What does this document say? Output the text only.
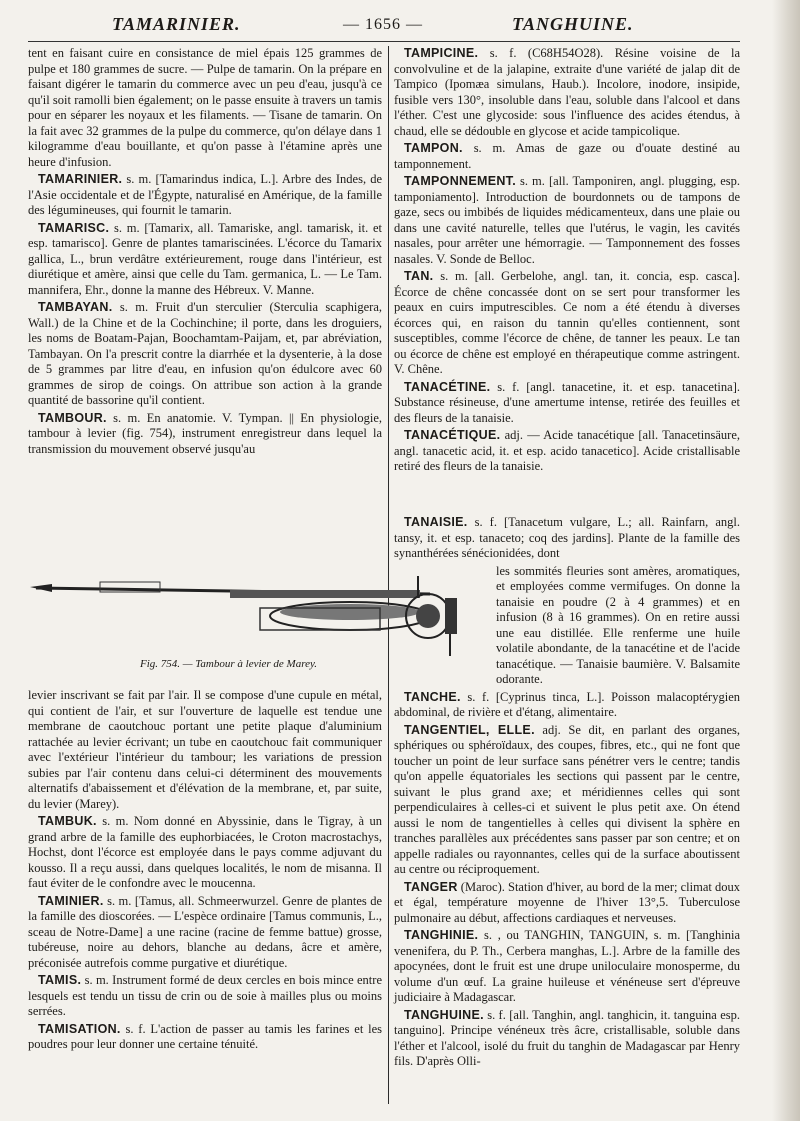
TAMARINIER.	— 1656 —	TANGHUINE.

tent en faisant cuire en consistance de miel épais 125 grammes de pulpe et 180 grammes de sucre. — Pulpe de tamarin. On la prépare en faisant digérer le tamarin du commerce avec un peu d'eau, jusqu'à ce qu'il soit ramolli bien également; on le passe ensuite à travers un tamis pour en séparer les noyaux et les filaments. — Tisane de tamarin. On la fait avec 32 grammes de la pulpe du commerce, qu'on délaye dans 1 kilogramme d'eau bouillante, et qu'on passe à l'étamine après une heure d'infusion.

TAMARINIER. s. m. [Tamarindus indica, L.]. Arbre des Indes, de l'Asie occidentale et de l'Égypte, naturalisé en Amérique, de la famille des légumineuses, qui fournit le tamarin.

TAMARISC. s. m. [Tamarix, all. Tamariske, angl. tamarisk, it. et esp. tamarisco]. Genre de plantes tamariscinées. L'écorce du Tamarix gallica, L., brun verdâtre extérieurement, rouge dans l'intérieur, est diurétique et amère, ainsi que celle du Tam. germanica, L. — Le Tam. mannifera, Ehr., donne la manne des Hébreux. V. Manne.

TAMBAYAN. s. m. Fruit d'un sterculier (Sterculia scaphigera, Wall.) de la Chine et de la Cochinchine; il porte, dans les droguiers, les noms de Boatam-Pajan, Boochamtam-Paijam, et, par abréviation, Tambayan. On l'a prescrit contre la diarrhée et la dysenterie, à la dose de 5 grammes par litre d'eau, en infusion qu'on édulcore avec 60 grammes de sirop de coings. On attribue son action à la grande quantité de bassorine qu'il contient.

TAMBOUR. s. m. En anatomie. V. Tympan. || En physiologie, tambour à levier (fig. 754), instrument enregistreur dans lequel la transmission du mouvement observé jusqu'au

Fig. 754. — Tambour à levier de Marey.

levier inscrivant se fait par l'air. Il se compose d'une cupule en métal, qui contient de l'air, et sur l'ouverture de laquelle est tendue une membrane de caoutchouc portant une petite plaque d'aluminium rattachée au levier écrivant; un tube en caoutchouc fait communiquer avec l'extérieur l'intérieur du tambour; les variations de pression subies par l'air contenu dans celui-ci déterminent des mouvements alternatifs d'abaissement et d'élévation de la membrane, et, par suite, du levier (Marey).

TAMBUK. s. m. Nom donné en Abyssinie, dans le Tigray, à un grand arbre de la famille des euphorbiacées, le Croton macrostachys, Hochst, dont l'écorce est employée dans le pays comme adjuvant du kousso. Il a reçu aussi, dans quelques localités, le nom de misanna. Il faut éviter de le confondre avec le moucenna.

TAMINIER. s. m. [Tamus, all. Schmeerwurzel. Genre de plantes de la famille des dioscorées. — L'espèce ordinaire [Tamus communis, L., sceau de Notre-Dame] a une racine (racine de femme battue) grosse, tubéreuse, noire au dehors, blanche au dedans, âcre et amère, préconisée autrefois comme purgative et diurétique.

TAMIS. s. m. Instrument formé de deux cercles en bois mince entre lesquels est tendu un tissu de crin ou de soie à mailles plus ou moins serrées.

TAMISATION. s. f. L'action de passer au tamis les farines et les poudres pour leur donner une certaine ténuité.

TAMPICINE. s. f. (C68H54O28). Résine voisine de la convolvuline et de la jalapine, extraite d'une variété de jalap dit de Tampico (Ipomæa simulans, Haub.). Incolore, inodore, insipide, fusible vers 130°, insoluble dans l'eau, soluble dans l'alcool et dans l'éther. C'est une glycoside: sous l'influence des acides étendus, à chaud, elle se dédouble en glycose et acide tampicolique.

TAMPON. s. m. Amas de gaze ou d'ouate destiné au tamponnement.

TAMPONNEMENT. s. m. [all. Tamponiren, angl. plugging, esp. tamponiamento]. Introduction de bourdonnets ou de tampons de gaze, secs ou imbibés de liquides médicamenteux, dans une plaie ou dans une cavité naturelle, telles que l'utérus, le vagin, les cavités nasales, pour arrêter une hémorragie. — Tamponnement des fosses nasales. V. Sonde de Belloc.

TAN. s. m. [all. Gerbelohe, angl. tan, it. concia, esp. casca]. Écorce de chêne concassée dont on se sert pour transformer les peaux en cuirs imputrescibles. Ce nom a été étendu à diverses écorces qui, en raison du tannin qu'elles contiennent, sont susceptibles, comme l'écorce de chêne, de tanner les peaux. Le tan ou écorce de chêne est employé en thérapeutique comme astringent. V. Chêne.

TANACÉTINE. s. f. [angl. tanacetine, it. et esp. tanacetina]. Substance résineuse, d'une amertume intense, retirée des feuilles et des fleurs de la tanaisie.

TANACÉTIQUE. adj. — Acide tanacétique [all. Tanacetinsäure, angl. tanacetic acid, it. et esp. acido tanacetico]. Acide cristallisable retiré des fleurs de la tanaisie.

TANAISIE. s. f. [Tanacetum vulgare, L.; all. Rainfarn, angl. tansy, it. et esp. tanaceto; coq des jardins]. Plante de la famille des synanthérées sénécionidées, dont

les sommités fleuries sont amères, aromatiques, et employées comme vermifuges. On donne la tanaisie en poudre (2 à 4 grammes) et en infusion (8 à 16 grammes). On en retire aussi une eau distillée. Elle renferme une huile volatile abondante, de la tanacétine et de l'acide tanacétique. — Tanaisie baumière. V. Balsamite odorante.

TANCHE. s. f. [Cyprinus tinca, L.]. Poisson malacoptérygien abdominal, de rivière et d'étang, alimentaire.

TANGENTIEL, ELLE. adj. Se dit, en parlant des organes, sphériques ou sphéroïdaux, des coupes, fibres, etc., qui ne font que toucher un point de leur surface sans pénétrer vers le centre; tandis qu'on appelle équatoriales les sections qui passent par le centre, suivant le plus grand axe; et méridiennes celles qui sont perpendiculaires à celles-ci et suivent le plus petit axe. On étend aussi le nom de tangentielles à celles qui divisent la sphère en tranches parallèles aux précédentes sans passer par son centre; et on appelle radiales ou rayonnantes, celles qui de la surface aboutissent au centre ou réciproquement.

TANGER (Maroc). Station d'hiver, au bord de la mer; climat doux et égal, température moyenne de l'hiver 13°,5. Tuberculose pulmonaire au début, affections cardiaques et nerveuses.

TANGHINIE. s. , ou TANGHIN, TANGUIN, s. m. [Tanghinia venenifera, du P. Th., Cerbera manghas, L.]. Arbre de la famille des apocynées, dont le fruit est une drupe uniloculaire monosperme, du volume d'un œuf. La graine huileuse et vénéneuse sert d'épreuve judiciaire à Madagascar.

TANGHUINE. s. f. [all. Tanghin, angl. tanghicin, it. tanguina esp. tanguino]. Principe vénéneux très âcre, cristallisable, soluble dans l'éther et l'alcool, isolé du fruit du tanghin de Madagascar par Henry fils. D'après Olli-
